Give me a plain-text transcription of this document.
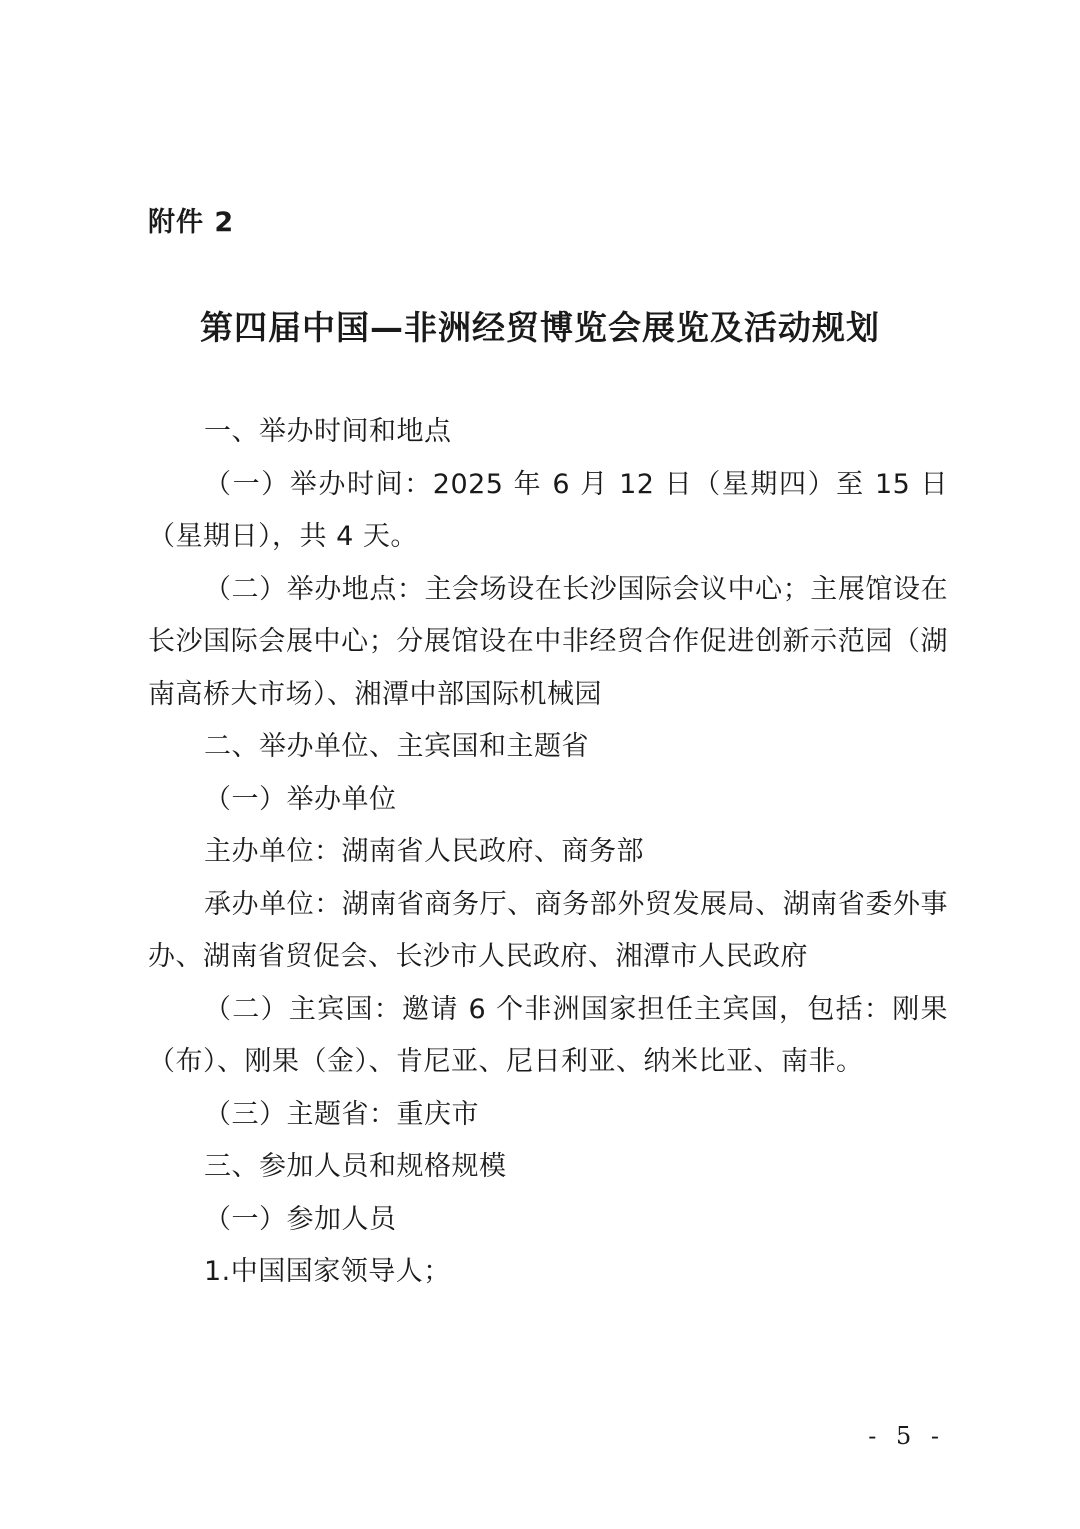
附件 2
第四届中国—非洲经贸博览会展览及活动规划

一、举办时间和地点

（一）举办时间：2025 年 6 月 12 日（星期四）至 15 日（星期日），共 4 天。

（二）举办地点：主会场设在长沙国际会议中心；主展馆设在长沙国际会展中心；分展馆设在中非经贸合作促进创新示范园（湖南高桥大市场）、湘潭中部国际机械园

二、举办单位、主宾国和主题省

（一）举办单位

主办单位：湖南省人民政府、商务部

承办单位：湖南省商务厅、商务部外贸发展局、湖南省委外事办、湖南省贸促会、长沙市人民政府、湘潭市人民政府

（二）主宾国：邀请 6 个非洲国家担任主宾国，包括：刚果（布）、刚果（金）、肯尼亚、尼日利亚、纳米比亚、南非。

（三）主题省：重庆市

三、参加人员和规格规模

（一）参加人员

1.中国国家领导人；

- 5 -
